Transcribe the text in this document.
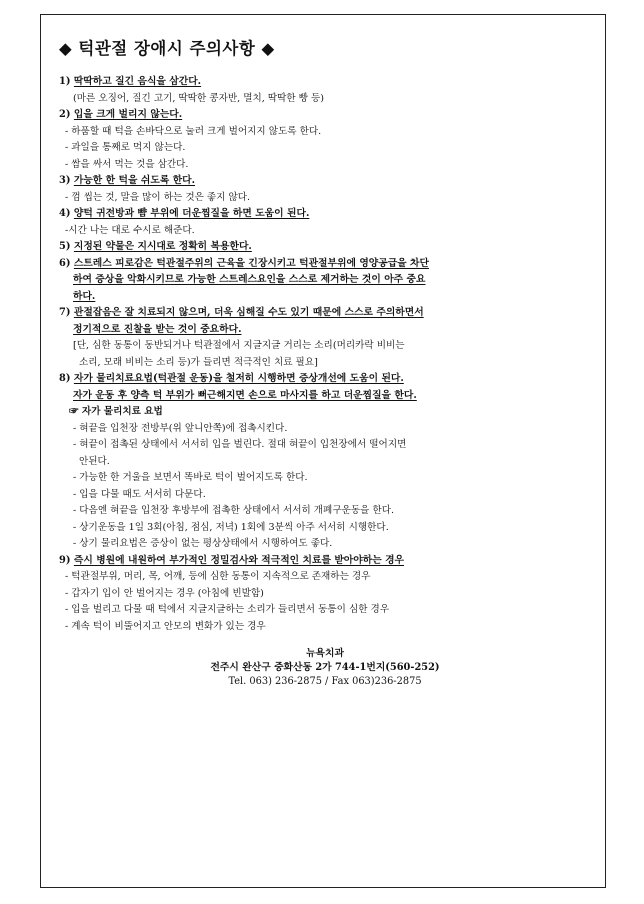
◆ 턱관절 장애시 주의사항 ◆
1) 딱딱하고 질긴 음식을 삼간다.
(마른 오징어, 질긴 고기, 딱딱한 콩자반, 멸치, 딱딱한 빵 등)
2) 입을 크게 벌리지 않는다.
- 하품할 때 턱을 손바닥으로 눌러 크게 벌어지지 않도록 한다.
- 과일을 통째로 먹지 않는다.
- 쌈을 싸서 먹는 것을 삼간다.
3) 가능한 한 턱을 쉬도록 한다.
- 껌 씹는 것, 말을 많이 하는 것은 좋지 않다.
4) 양턱 귀전방과 뺨 부위에 더운찜질을 하면 도움이 된다.
-시간 나는 대로 수시로 해준다.
5) 지정된 약물은 지시대로 정확히 복용한다.
6) 스트레스 피로감은 턱관절주위의 근육을 긴장시키고 턱관절부위에 영양공급을 차단
하여 증상을 악화시키므로 가능한 스트레스요인을 스스로 제거하는 것이 아주 중요
하다.
7) 관절잡음은 잘 치료되지 않으며, 더욱 심해질 수도 있기 때문에 스스로 주의하면서
정기적으로 진찰을 받는 것이 중요하다.
[단, 심한 동통이 동반되거나 턱관절에서 지글지글 거리는 소리(머리카락 비비는
소리, 모래 비비는 소리 등)가 들리면 적극적인 치료 필요]
8) 자가 물리치료요법(턱관절 운동)을 철저히 시행하면 증상개선에 도움이 된다.
자가 운동 후 양측 턱 부위가 뻐근해지면 손으로 마사지를 하고 더운찜질을 한다.
☞ 자가 물리치료 요법
- 혀끝을 입천장 전방부(위 앞니안쪽)에 접촉시킨다.
- 혀끝이 접촉된 상태에서 서서히 입을 벌린다. 절대 혀끝이 입천장에서 떨어지면
안된다.
- 가능한 한 거울을 보면서 똑바로 턱이 벌어지도록 한다.
- 입을 다물 때도 서서히 다문다.
- 다음엔 혀끝을 입천장 후방부에 접촉한 상태에서 서서히 개폐구운동을 한다.
- 상기운동을 1일 3회(아침, 점심, 저녁) 1회에 3분씩 아주 서서히 시행한다.
- 상기 물리요법은 증상이 없는 평상상태에서 시행하여도 좋다.
9) 즉시 병원에 내원하여 부가적인 정밀검사와 적극적인 치료를 받아야하는 경우
- 턱관절부위, 머리, 목, 어깨, 등에 심한 동통이 지속적으로 존재하는 경우
- 갑자기 입이 안 벌어지는 경우 (아침에 빈발함)
- 입을 벌리고 다물 때 턱에서 지글지글하는 소리가 들리면서 동통이 심한 경우
- 계속 턱이 비뚤어지고 안모의 변화가 있는 경우
뉴욕치과
전주시 완산구 중화산동 2가 744-1번지(560-252)
Tel. 063) 236-2875 / Fax 063)236-2875
